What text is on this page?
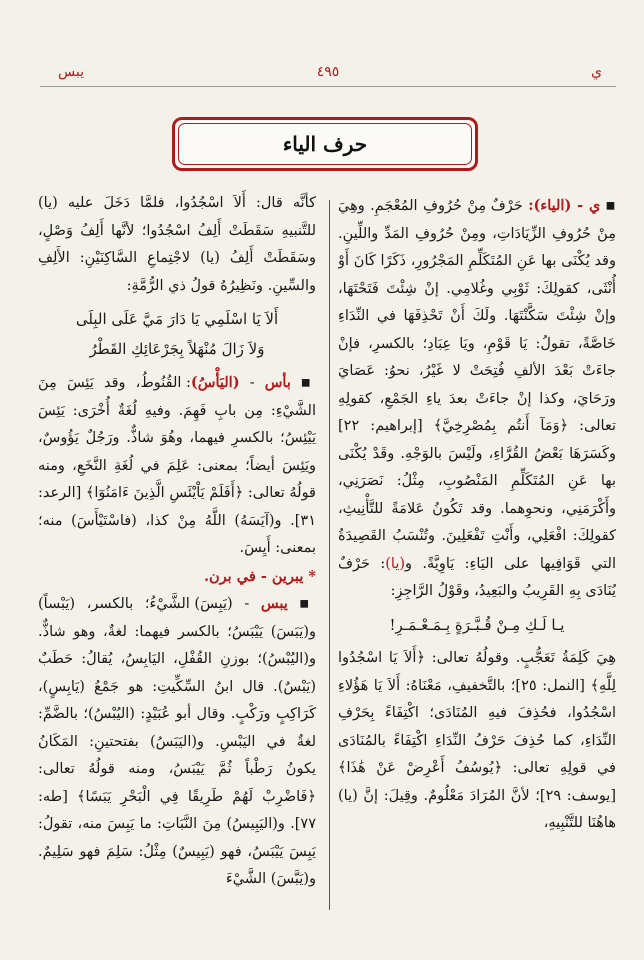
ي
٤٩٥
يبس
حرف الياء

■ ي - (الياء): حَرْفٌ مِنْ حُرُوفِ المُعْجَمِ. وهِيَ مِنْ حُرُوفِ الزِّيَادَاتِ، ومِنْ حُرُوفِ المَدِّ واللِّينِ. وقد يُكْنَى بها عَنِ المُتَكَلِّمِ المَجْرُورِ، ذَكَرًا كَانَ أَوْ أُنْثَى، كقولِكَ: ثَوْبِي وغُلامِي. إنْ شِئْتَ فَتَحْتَهَا، وإنْ شِئْتَ سَكَّنْتَهَا. ولَكَ أَنْ تَحْذِفَهَا في النِّدَاءِ خَاصَّةً، تقولُ: يَا قَوْمِ، ويَا عِبَادِ؛ بالكسرِ، فإنْ جاءَتْ بَعْدَ الألفِ فُتِحَتْ لا غَيْرُ، نحوُ: عَصَايَ ورَحَايَ، وكذا إنْ جاءَتْ بعدَ ياءِ الجَمْعِ، كقولِهِ تعالى: ﴿وَمَآ أَنتُم بِمُصْرِخِيَّ﴾ [إبراهيم: ٢٢] وكَسَرَهَا بَعْضُ القُرَّاءِ، ولَيْسَ بالوَجْهِ. وقَدْ يُكْنَى بها عَنِ المُتَكَلِّمِ المَنْصُوبِ، مِثْلُ: نَصَرَنِي، وأَكْرَمَنِي، ونحوِهما. وقد تَكُونُ عَلامَةً للتَّأْنِيثِ، كقولِكَ: افْعَلِي، وأَنْتِ تَفْعَلِينَ. وتُنْسَبُ القَصِيدَةُ التي قَوَافِيها على اليَاءِ: يَاوِيَّةً. و(يا): حَرْفٌ يُنَادَى بِهِ القَرِيبُ والبَعِيدُ، وقَوْلُ الرَّاجِزِ:

يـا لَـكِ مِـنْ قُـبَّـرَةٍ بِـمَـعْـمَـرِ!

هِيَ كَلِمَةُ تَعَجُّبٍ. وقولُهُ تعالى: ﴿أَلاَ يَا اسْجُدُوا لِلَّهِ﴾ [النمل: ٢٥]؛ بالتَّخفيفِ، مَعْنَاهُ: أَلاَ يَا هَؤُلاءِ اسْجُدُوا، فحُذِفَ فيهِ المُنَادَى؛ اكْتِفَاءً بِحَرْفِ النِّدَاءِ، كما حُذِفَ حَرْفُ النِّدَاءِ اكْتِفَاءً بالمُنَادَى في قولِهِ تعالى: ﴿يُوسُفُ أَعْرِضْ عَنْ هَٰذَا﴾ [يوسف: ٢٩]؛ لأنَّ المُرَادَ مَعْلُومٌ. وقِيلَ: إنَّ (يا) هاهُنَا للتَّنْبِيهِ،

كأنَّه قال: أَلاَ اسْجُدُوا، فلمَّا دَخَلَ عليه (يا) للتَّنبيهِ سَقَطَتْ أَلِفُ اسْجُدُوا؛ لأنَّها أَلِفُ وَصْلٍ، وسَقَطَتْ أَلِفُ (يا) لاجْتِماعِ السَّاكِنَيْنِ: الأَلِفِ والسِّينِ. ونَظِيرُهُ قولُ ذي الرُّمَّةِ:

أَلاَ يَا اسْلَمِي يَا دَارَ مَيَّ عَلَى البِلَى
وَلاَ زَالَ مُنْهَلاً بِجَرْعَائِكِ القَطْرُ

■ بأس - (اليَأْسُ): القُنُوطُ، وقد يَئِسَ مِنَ الشَّيْءِ: مِن بابِ فَهِمَ. وفيهِ لُغَةٌ أُخْرَى: يَئِسَ يَيْئِسُ؛ بالكسرِ فيهما، وهُوَ شاذٌّ. ورَجُلٌ يَؤُوسٌ، ويَئِسَ أيضاً؛ بمعنى: عَلِمَ في لُغَةِ النَّخَعِ، ومنه قولُهُ تعالى: ﴿أَفَلَمْ يَاْيْئَسِ الَّذِينَ ءَامَنُوٓا﴾ [الرعد: ٣١]. و(آيَسَهُ) اللَّهُ مِنْ كذا، (فاسْتَيْأَسَ) منه؛ بمعنى: أَيِسَ.

* يبرين - في برن.

■ يبس - (يَبِسَ) الشَّيْءُ؛ بالكسر، (يَبْساً) و(يَبَسَ) يَيْبَسُ؛ بالكسر فيهما: لغةٌ، وهو شاذٌّ. و(اليُبْسُ)؛ بوزنِ القُفْلِ، اليَابِسُ، يُقالُ: حَطَبٌ (يَبْسٌ). قال ابنُ السِّكِّيتِ: هو جَمْعُ (يَابِسٍ)، كَرَاكِبٍ ورَكْبٍ. وقال أبو عُبَيْدٍ: (اليُبْسُ)؛ بالضَّمِّ: لغةٌ في اليَبْسِ. و(اليَبَسُ) بفتحتينِ: المَكَانُ يكونُ رَطْباً ثُمَّ يَيْبَسُ، ومنه قولُهُ تعالى: ﴿فَاضْرِبْ لَهُمْ طَرِيقًا فِي الْبَحْرِ يَبَسًا﴾ [طه: ٧٧]. و(اليَبِيسُ) مِنَ النَّبَاتِ: ما يَبِسَ منه، تقولُ: يَبِسَ يَيْبَسُ، فهو (يَبِيسٌ) مِثْلُ: سَلِمَ فهو سَلِيمٌ. و(يَبَّسَ) الشَّيْءَ
